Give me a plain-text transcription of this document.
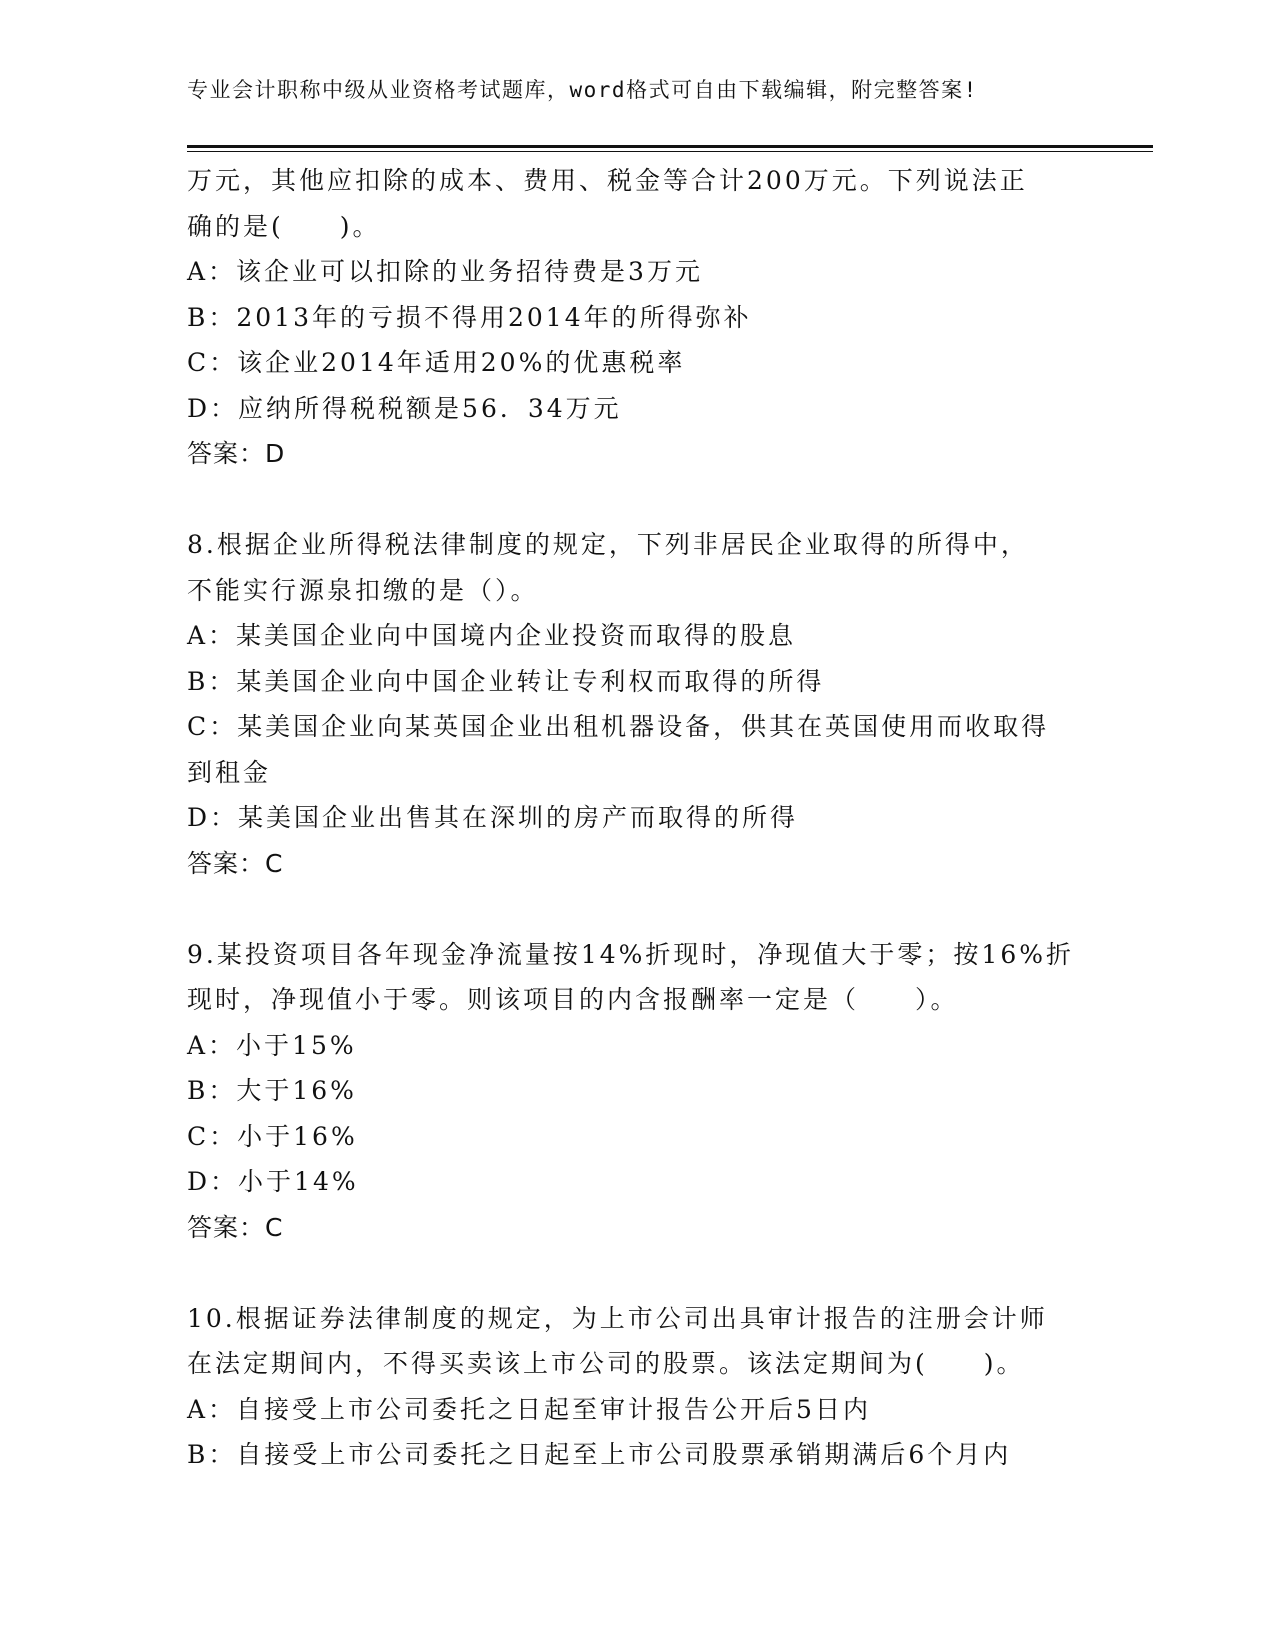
专业会计职称中级从业资格考试题库，word格式可自由下载编辑，附完整答案!
万元，其他应扣除的成本、费用、税金等合计200万元。下列说法正
确的是(　　)。
A：该企业可以扣除的业务招待费是3万元
B：2013年的亏损不得用2014年的所得弥补
C：该企业2014年适用20%的优惠税率
D：应纳所得税税额是56．34万元
答案：D
8.根据企业所得税法律制度的规定，下列非居民企业取得的所得中，
不能实行源泉扣缴的是（）。
A：某美国企业向中国境内企业投资而取得的股息
B：某美国企业向中国企业转让专利权而取得的所得
C：某美国企业向某英国企业出租机器设备，供其在英国使用而收取得
到租金
D：某美国企业出售其在深圳的房产而取得的所得
答案：C
9.某投资项目各年现金净流量按14%折现时，净现值大于零；按16%折
现时，净现值小于零。则该项目的内含报酬率一定是（　　）。
A：小于15%
B：大于16%
C：小于16%
D：小于14%
答案：C
10.根据证券法律制度的规定，为上市公司出具审计报告的注册会计师
在法定期间内，不得买卖该上市公司的股票。该法定期间为(　　)。
A：自接受上市公司委托之日起至审计报告公开后5日内
B：自接受上市公司委托之日起至上市公司股票承销期满后6个月内
